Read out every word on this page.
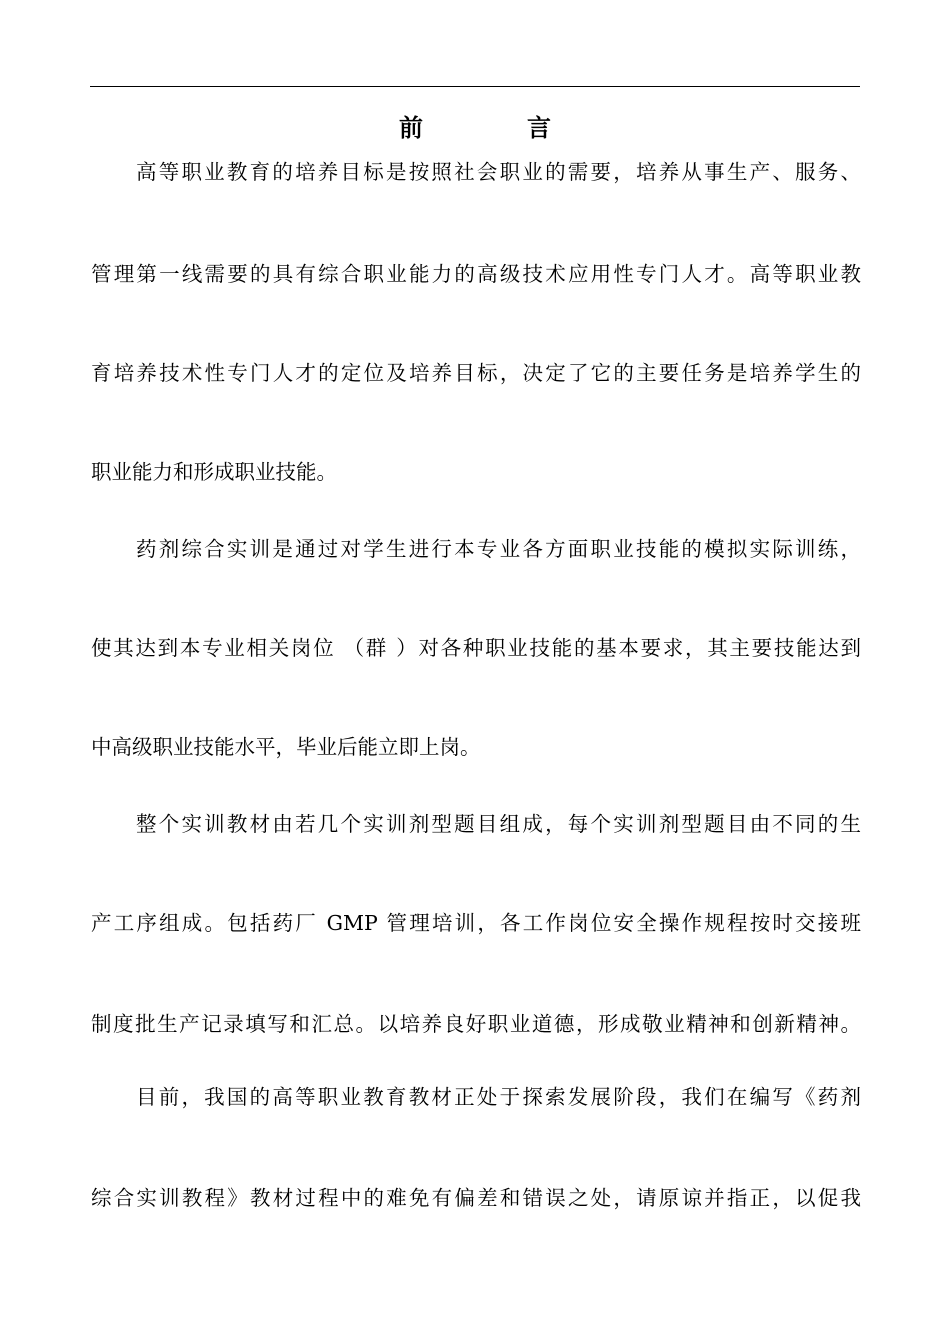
前　言
高等职业教育的培养目标是按照社会职业的需要，培养从事生产、服务、
管理第一线需要的具有综合职业能力的高级技术应用性专门人才。高等职业教
育培养技术性专门人才的定位及培养目标，决定了它的主要任务是培养学生的
职业能力和形成职业技能。
药剂综合实训是通过对学生进行本专业各方面职业技能的模拟实际训练，
使其达到本专业相关岗位 （群 ）对各种职业技能的基本要求，其主要技能达到
中高级职业技能水平，毕业后能立即上岗。
整个实训教材由若几个实训剂型题目组成，每个实训剂型题目由不同的生
产工序组成。包括药厂 GMP 管理培训，各工作岗位安全操作规程按时交接班
制度批生产记录填写和汇总。以培养良好职业道德，形成敬业精神和创新精神。
目前，我国的高等职业教育教材正处于探索发展阶段，我们在编写《药剂
综合实训教程》教材过程中的难免有偏差和错误之处，请原谅并指正，以促我
